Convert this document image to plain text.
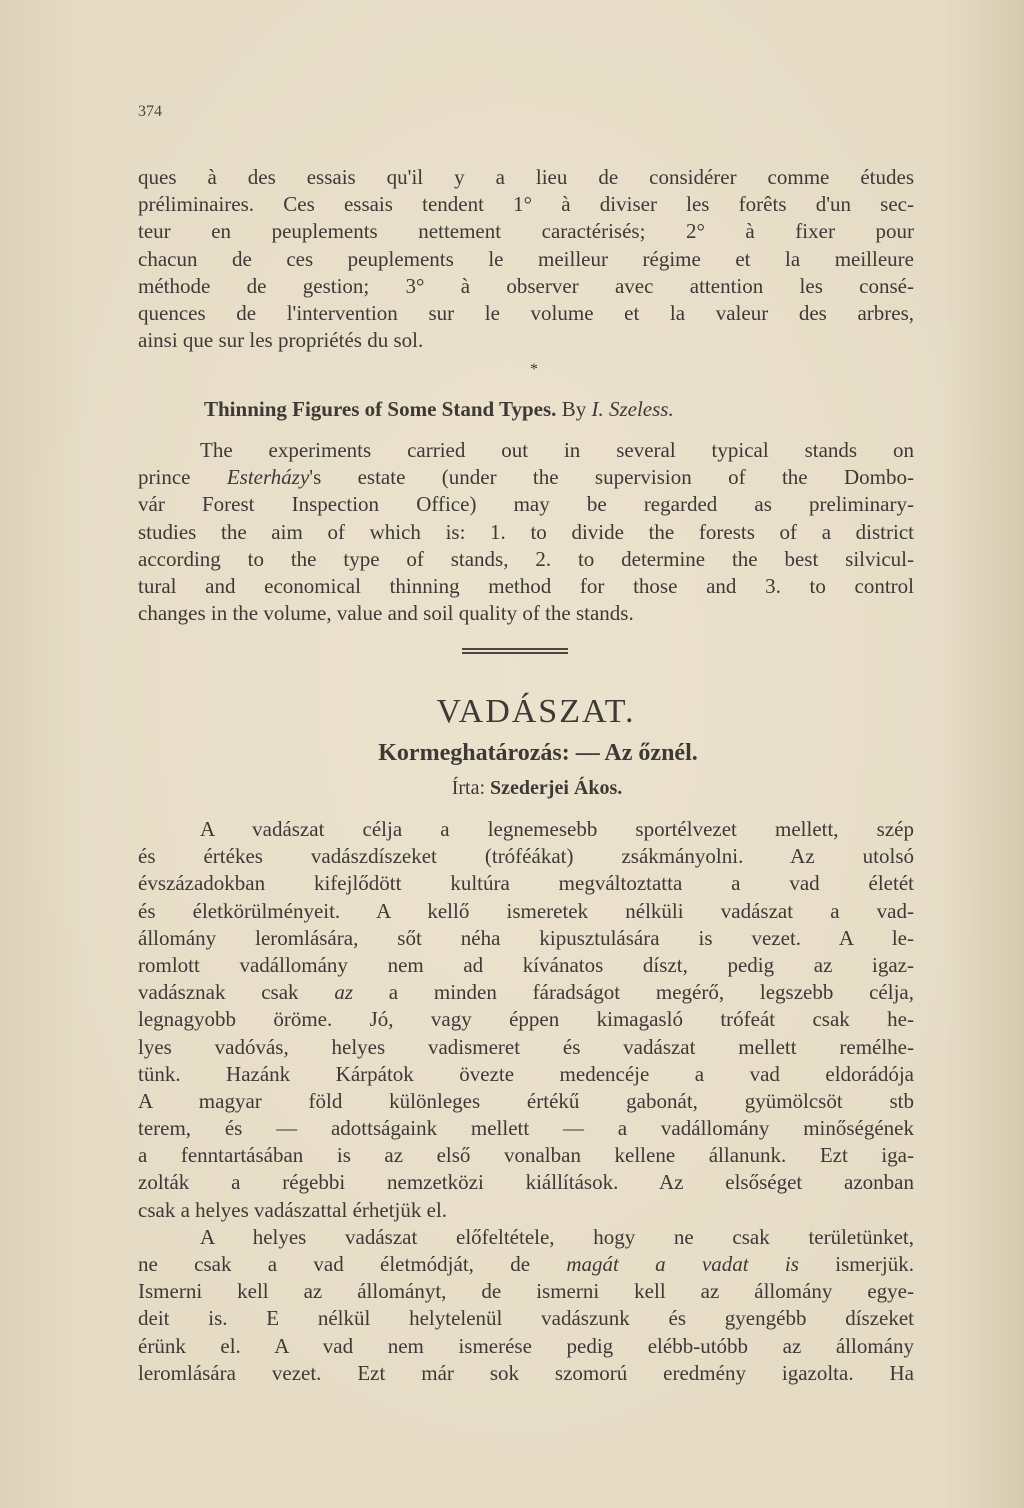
374
ques à des essais qu'il y a lieu de considérer comme études
préliminaires. Ces essais tendent 1° à diviser les forêts d'un sec-
teur en peuplements nettement caractérisés; 2° à fixer pour
chacun de ces peuplements le meilleur régime et la meilleure
méthode de gestion; 3° à observer avec attention les consé-
quences de l'intervention sur le volume et la valeur des arbres,
ainsi que sur les propriétés du sol.
*
Thinning Figures of Some Stand Types. By I. Szeless.
The experiments carried out in several typical stands on
prince Esterházy's estate (under the supervision of the Dombo-
vár Forest Inspection Office) may be regarded as preliminary-
studies the aim of which is: 1. to divide the forests of a district
according to the type of stands, 2. to determine the best silvicul-
tural and economical thinning method for those and 3. to control
changes in the volume, value and soil quality of the stands.
VADÁSZAT.
Kormeghatározás: — Az őznél.
Írta: Szederjei Ákos.
A vadászat célja a legnemesebb sportélvezet mellett, szép
és értékes vadászdíszeket (tróféákat) zsákmányolni. Az utolsó
évszázadokban kifejlődött kultúra megváltoztatta a vad életét
és életkörülményeit. A kellő ismeretek nélküli vadászat a vad-
állomány leromlására, sőt néha kipusztulására is vezet. A le-
romlott vadállomány nem ad kívánatos díszt, pedig az igaz-
vadásznak csak az a minden fáradságot megérő, legszebb célja,
legnagyobb öröme. Jó, vagy éppen kimagasló trófeát csak he-
lyes vadóvás, helyes vadismeret és vadászat mellett remélhe-
tünk. Hazánk Kárpátok övezte medencéje a vad eldorádója
A magyar föld különleges értékű gabonát, gyümölcsöt stb
terem, és — adottságaink mellett — a vadállomány minőségének
a fenntartásában is az első vonalban kellene állanunk. Ezt iga-
zolták a régebbi nemzetközi kiállítások. Az elsőséget azonban
csak a helyes vadászattal érhetjük el.
A helyes vadászat előfeltétele, hogy ne csak területünket,
ne csak a vad életmódját, de magát a vadat is ismerjük.
Ismerni kell az állományt, de ismerni kell az állomány egye-
deit is. E nélkül helytelenül vadászunk és gyengébb díszeket
érünk el. A vad nem ismerése pedig elébb-utóbb az állomány
leromlására vezet. Ezt már sok szomorú eredmény igazolta. Ha
